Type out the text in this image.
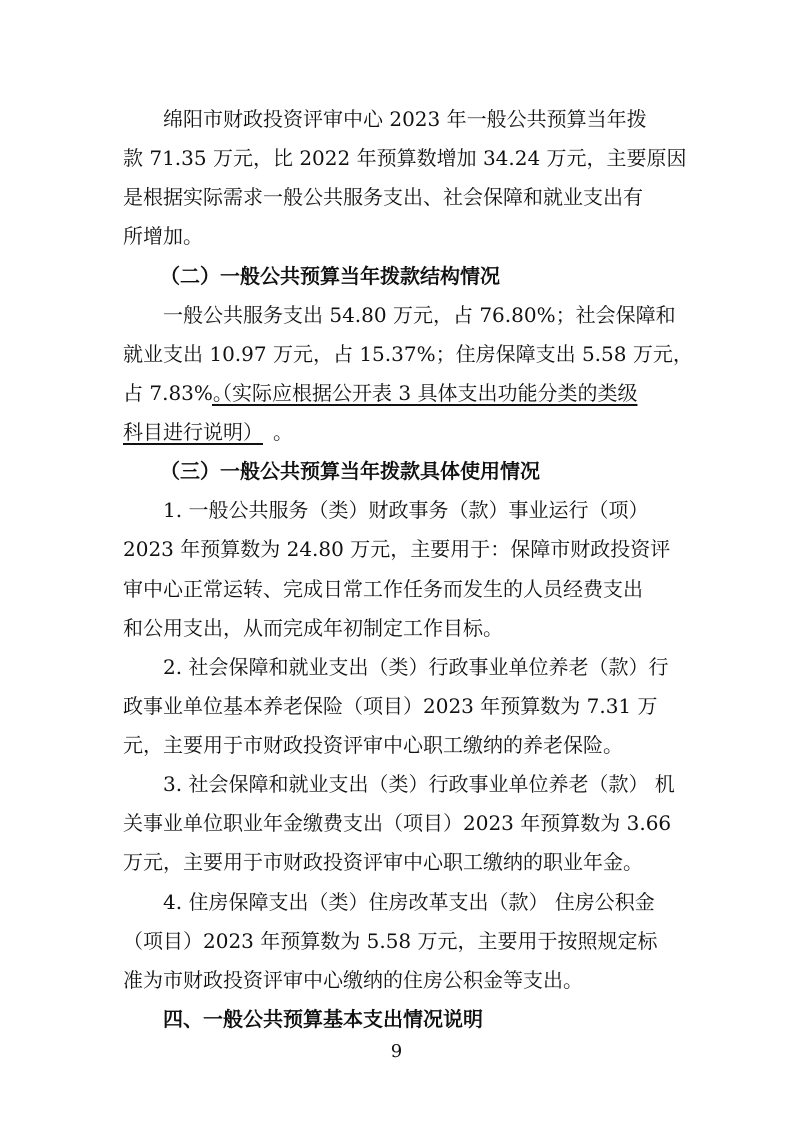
绵阳市财政投资评审中心 2023 年一般公共预算当年拨
款 71.35 万元，比 2022 年预算数增加 34.24 万元，主要原因
是根据实际需求一般公共服务支出、社会保障和就业支出有
所增加。
（二）一般公共预算当年拨款结构情况
一般公共服务支出 54.80 万元，占 76.80%；社会保障和
就业支出 10.97 万元，占 15.37%；住房保障支出 5.58 万元，
占 7.83%。
（实际应根据公开表 3 具体支出功能分类的类级
科目进行说明） 。
（三）一般公共预算当年拨款具体使用情况
1. 一般公共服务（类）财政事务（款）事业运行（项）
2023 年预算数为 24.80 万元，主要用于：保障市财政投资评
审中心正常运转、完成日常工作任务而发生的人员经费支出
和公用支出，从而完成年初制定工作目标。
2. 社会保障和就业支出（类）行政事业单位养老（款）行
政事业单位基本养老保险（项目）2023 年预算数为 7.31 万
元，主要用于市财政投资评审中心职工缴纳的养老保险。
3. 社会保障和就业支出（类）行政事业单位养老（款） 机
关事业单位职业年金缴费支出（项目）2023 年预算数为 3.66
万元，主要用于市财政投资评审中心职工缴纳的职业年金。
4. 住房保障支出（类）住房改革支出（款） 住房公积金
9
（项目）2023 年预算数为 5.58 万元，主要用于按照规定标
准为市财政投资评审中心缴纳的住房公积金等支出。
四、一般公共预算基本支出情况说明
